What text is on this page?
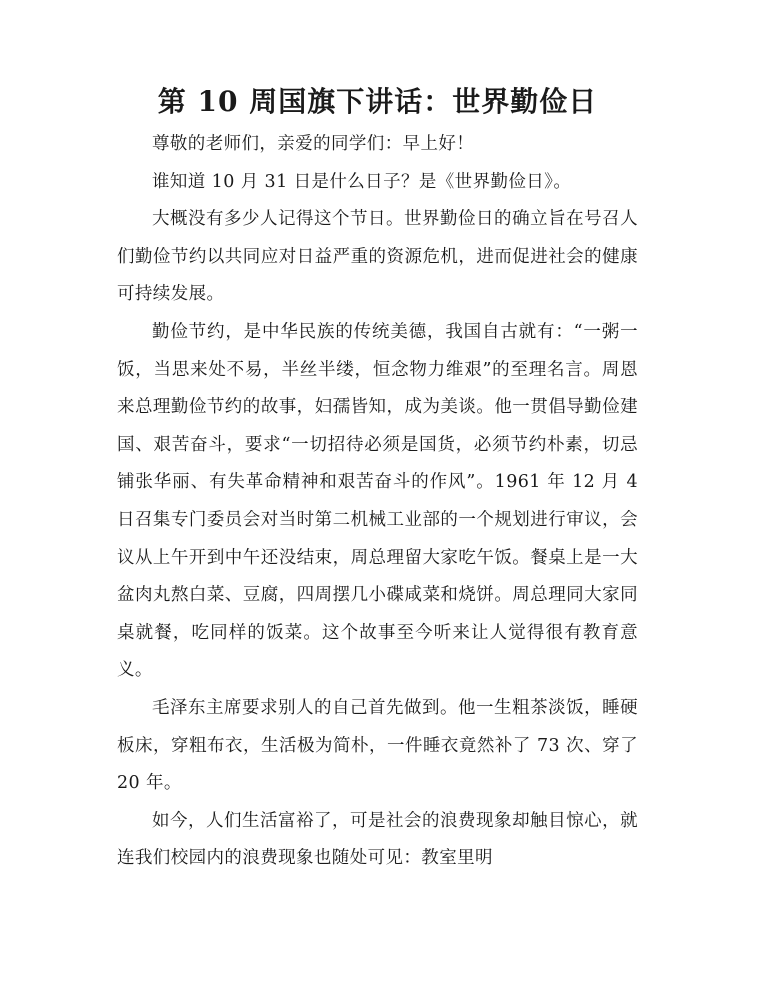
第 10 周国旗下讲话：世界勤俭日

尊敬的老师们，亲爱的同学们：早上好！

谁知道 10 月 31 日是什么日子？是《世界勤俭日》。

大概没有多少人记得这个节日。世界勤俭日的确立旨在号召人们勤俭节约以共同应对日益严重的资源危机，进而促进社会的健康可持续发展。

勤俭节约，是中华民族的传统美德，我国自古就有：“一粥一饭，当思来处不易，半丝半缕，恒念物力维艰”的至理名言。周恩来总理勤俭节约的故事，妇孺皆知，成为美谈。他一贯倡导勤俭建国、艰苦奋斗，要求“一切招待必须是国货，必须节约朴素，切忌铺张华丽、有失革命精神和艰苦奋斗的作风”。1961 年 12 月 4 日召集专门委员会对当时第二机械工业部的一个规划进行审议，会议从上午开到中午还没结束，周总理留大家吃午饭。餐桌上是一大盆肉丸熬白菜、豆腐，四周摆几小碟咸菜和烧饼。周总理同大家同桌就餐，吃同样的饭菜。这个故事至今听来让人觉得很有教育意义。

毛泽东主席要求别人的自己首先做到。他一生粗茶淡饭，睡硬板床，穿粗布衣，生活极为简朴，一件睡衣竟然补了 73 次、穿了 20 年。

如今，人们生活富裕了，可是社会的浪费现象却触目惊心，就连我们校园内的浪费现象也随处可见：教室里明
